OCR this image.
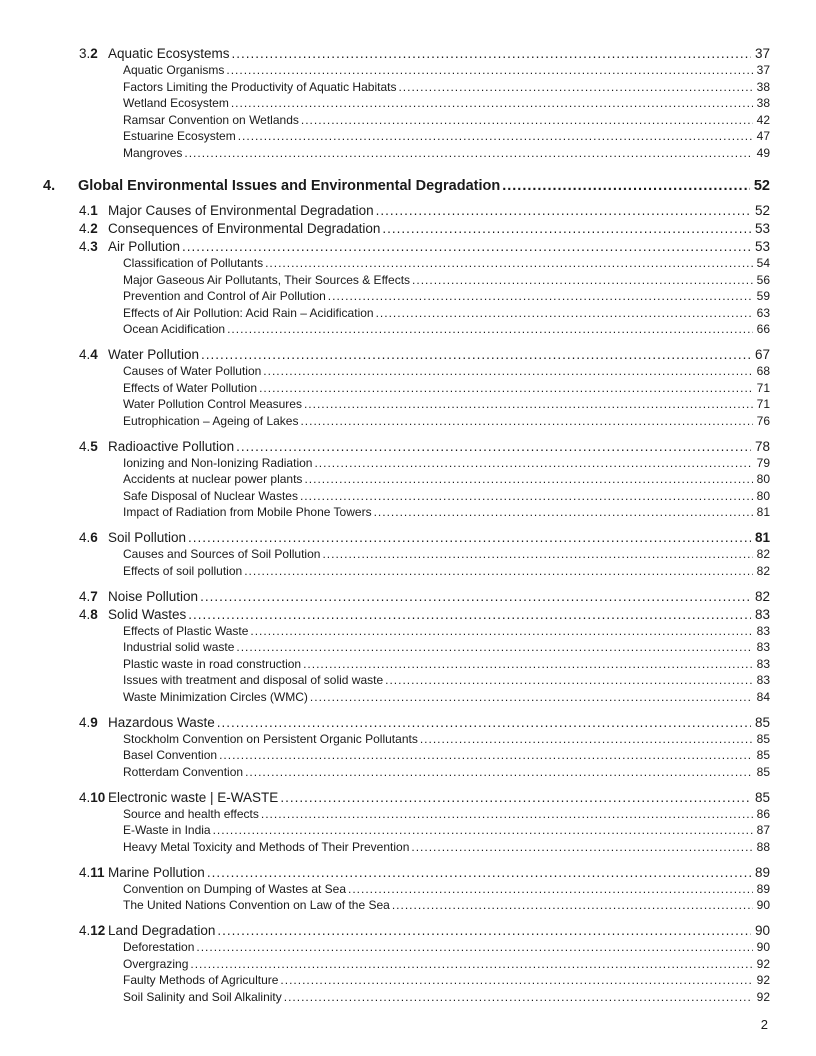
3.2 Aquatic Ecosystems .....	37
Aquatic Organisms .....	37
Factors Limiting the Productivity of Aquatic Habitats .....	38
Wetland Ecosystem .....	38
Ramsar Convention on Wetlands .....	42
Estuarine Ecosystem .....	47
Mangroves .....	49
4.	Global Environmental Issues and Environmental Degradation .....	52
4.1 Major Causes of Environmental Degradation .....	52
4.2 Consequences of Environmental Degradation .....	53
4.3 Air Pollution .....	53
Classification of Pollutants .....	54
Major Gaseous Air Pollutants, Their Sources & Effects .....	56
Prevention and Control of Air Pollution .....	59
Effects of Air Pollution: Acid Rain – Acidification .....	63
Ocean Acidification .....	66
4.4 Water Pollution .....	67
Causes of Water Pollution .....	68
Effects of Water Pollution .....	71
Water Pollution Control Measures .....	71
Eutrophication – Ageing of Lakes .....	76
4.5 Radioactive Pollution .....	78
Ionizing and Non-Ionizing Radiation .....	79
Accidents at nuclear power plants .....	80
Safe Disposal of Nuclear Wastes .....	80
Impact of Radiation from Mobile Phone Towers .....	81
4.6 Soil Pollution .....	81
Causes and Sources of Soil Pollution .....	82
Effects of soil pollution .....	82
4.7 Noise Pollution .....	82
4.8 Solid Wastes .....	83
Effects of Plastic Waste .....	83
Industrial solid waste .....	83
Plastic waste in road construction .....	83
Issues with treatment and disposal of solid waste .....	83
Waste Minimization Circles (WMC) .....	84
4.9 Hazardous Waste .....	85
Stockholm Convention on Persistent Organic Pollutants .....	85
Basel Convention .....	85
Rotterdam Convention .....	85
4.10 Electronic waste | E-WASTE .....	85
Source and health effects .....	86
E-Waste in India .....	87
Heavy Metal Toxicity and Methods of Their Prevention .....	88
4.11 Marine Pollution .....	89
Convention on Dumping of Wastes at Sea .....	89
The United Nations Convention on Law of the Sea .....	90
4.12 Land Degradation .....	90
Deforestation .....	90
Overgrazing .....	92
Faulty Methods of Agriculture .....	92
Soil Salinity and Soil Alkalinity .....	92
2
